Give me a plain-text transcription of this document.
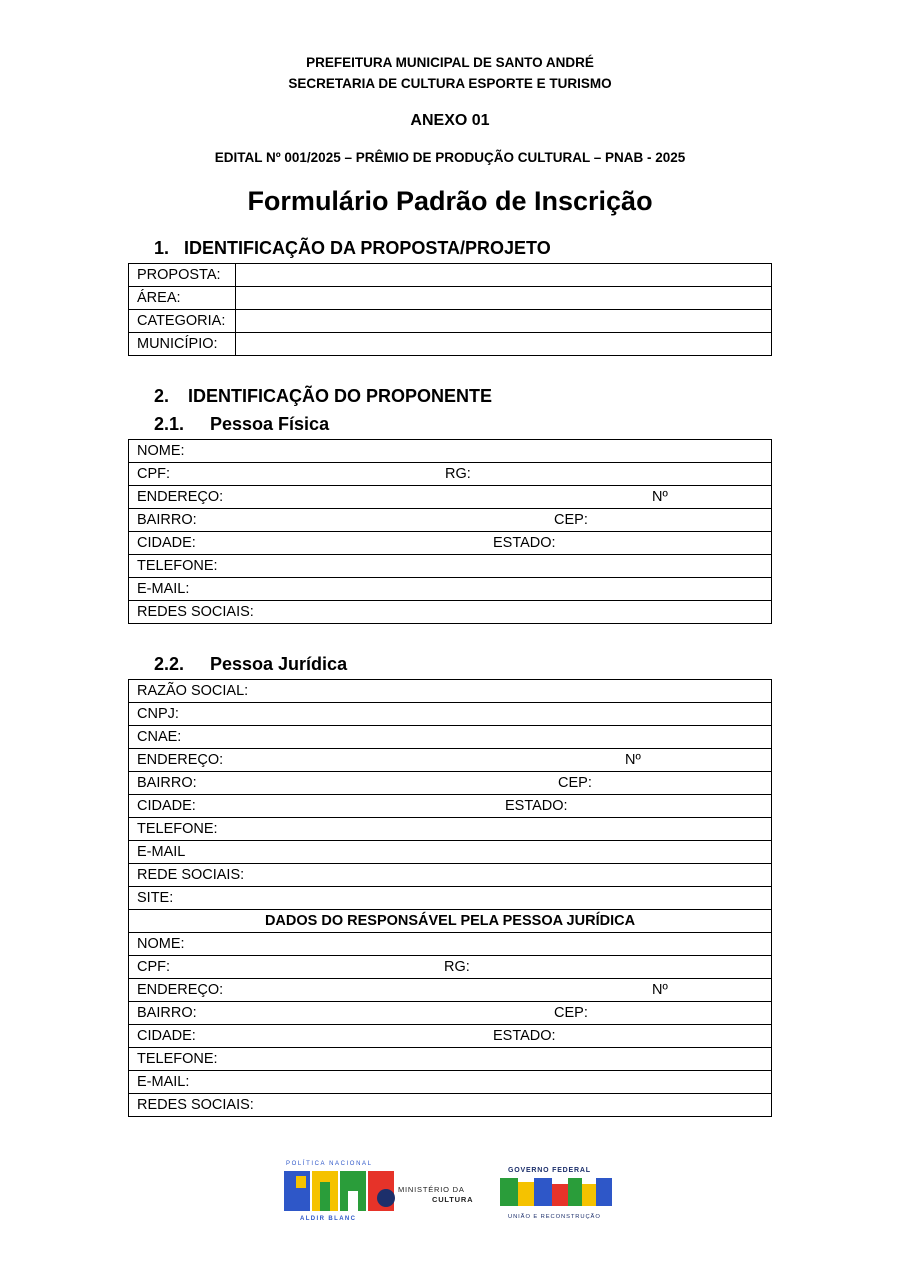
PREFEITURA MUNICIPAL DE SANTO ANDRÉ
SECRETARIA DE CULTURA ESPORTE E TURISMO
ANEXO 01
EDITAL Nº 001/2025 – PRÊMIO DE PRODUÇÃO CULTURAL – PNAB - 2025
Formulário Padrão de Inscrição
1. IDENTIFICAÇÃO DA PROPOSTA/PROJETO
PROPOSTA:	
ÁREA:	
CATEGORIA:	
MUNICÍPIO:	
2. IDENTIFICAÇÃO DO PROPONENTE
2.1. Pessoa Física
NOME:

CPF:	RG:

ENDEREÇO:	Nº

BAIRRO:	CEP:

CIDADE:	ESTADO:

TELEFONE:
E-MAIL:
REDES SOCIAIS:
2.2. Pessoa Jurídica
RAZÃO SOCIAL:
CNPJ:
CNAE:

ENDEREÇO:	Nº

BAIRRO:	CEP:

CIDADE:	ESTADO:

TELEFONE:
E-MAIL
REDE SOCIAIS:
SITE:
DADOS DO RESPONSÁVEL PELA PESSOA JURÍDICA
NOME:

CPF:	RG:

ENDEREÇO:	Nº

BAIRRO:	CEP:

CIDADE:	ESTADO:

TELEFONE:
E-MAIL:
REDES SOCIAIS:
POLÍTICA NACIONAL
ALDIR BLANC
MINISTÉRIO DA
CULTURA
GOVERNO FEDERAL
UNIÃO E RECONSTRUÇÃO
